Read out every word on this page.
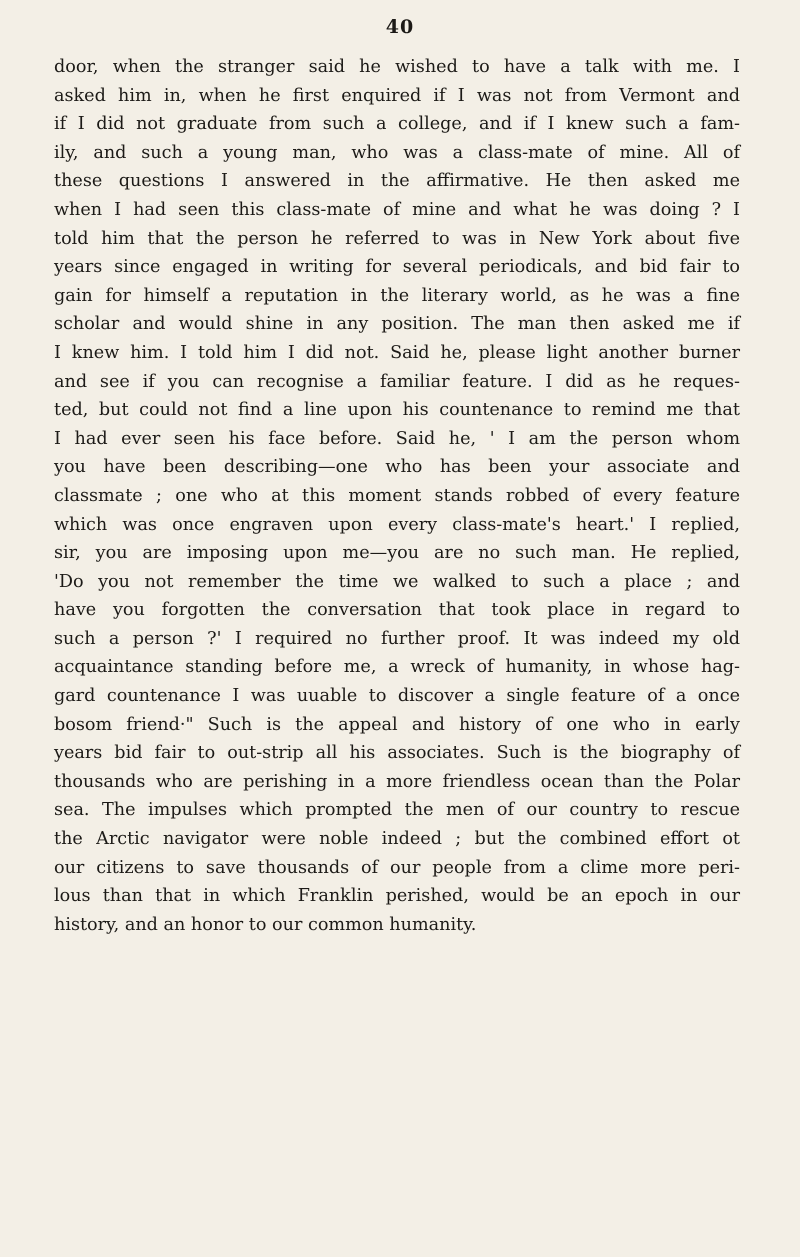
40
door, when the stranger said he wished to have a talk with me. I
asked him in, when he first enquired if I was not from Vermont and
if I did not graduate from such a college, and if I knew such a fam-
ily, and such a young man, who was a class-mate of mine. All of
these questions I answered in the affirmative. He then asked me
when I had seen this class-mate of mine and what he was doing ? I
told him that the person he referred to was in New York about five
years since engaged in writing for several periodicals, and bid fair to
gain for himself a reputation in the literary world, as he was a fine
scholar and would shine in any position. The man then asked me if
I knew him. I told him I did not. Said he, please light another burner
and see if you can recognise a familiar feature. I did as he reques-
ted, but could not find a line upon his countenance to remind me that
I had ever seen his face before. Said he, ' I am the person whom
you have been describing—one who has been your associate and
classmate ; one who at this moment stands robbed of every feature
which was once engraven upon every class-mate's heart.' I replied,
sir, you are imposing upon me—you are no such man. He replied,
'Do you not remember the time we walked to such a place ; and
have you forgotten the conversation that took place in regard to
such a person ?' I required no further proof. It was indeed my old
acquaintance standing before me, a wreck of humanity, in whose hag-
gard countenance I was uuable to discover a single feature of a once
bosom friend·" Such is the appeal and history of one who in early
years bid fair to out-strip all his associates. Such is the biography of
thousands who are perishing in a more friendless ocean than the Polar
sea. The impulses which prompted the men of our country to rescue
the Arctic navigator were noble indeed ; but the combined effort ot
our citizens to save thousands of our people from a clime more peri-
lous than that in which Franklin perished, would be an epoch in our
history, and an honor to our common humanity.
